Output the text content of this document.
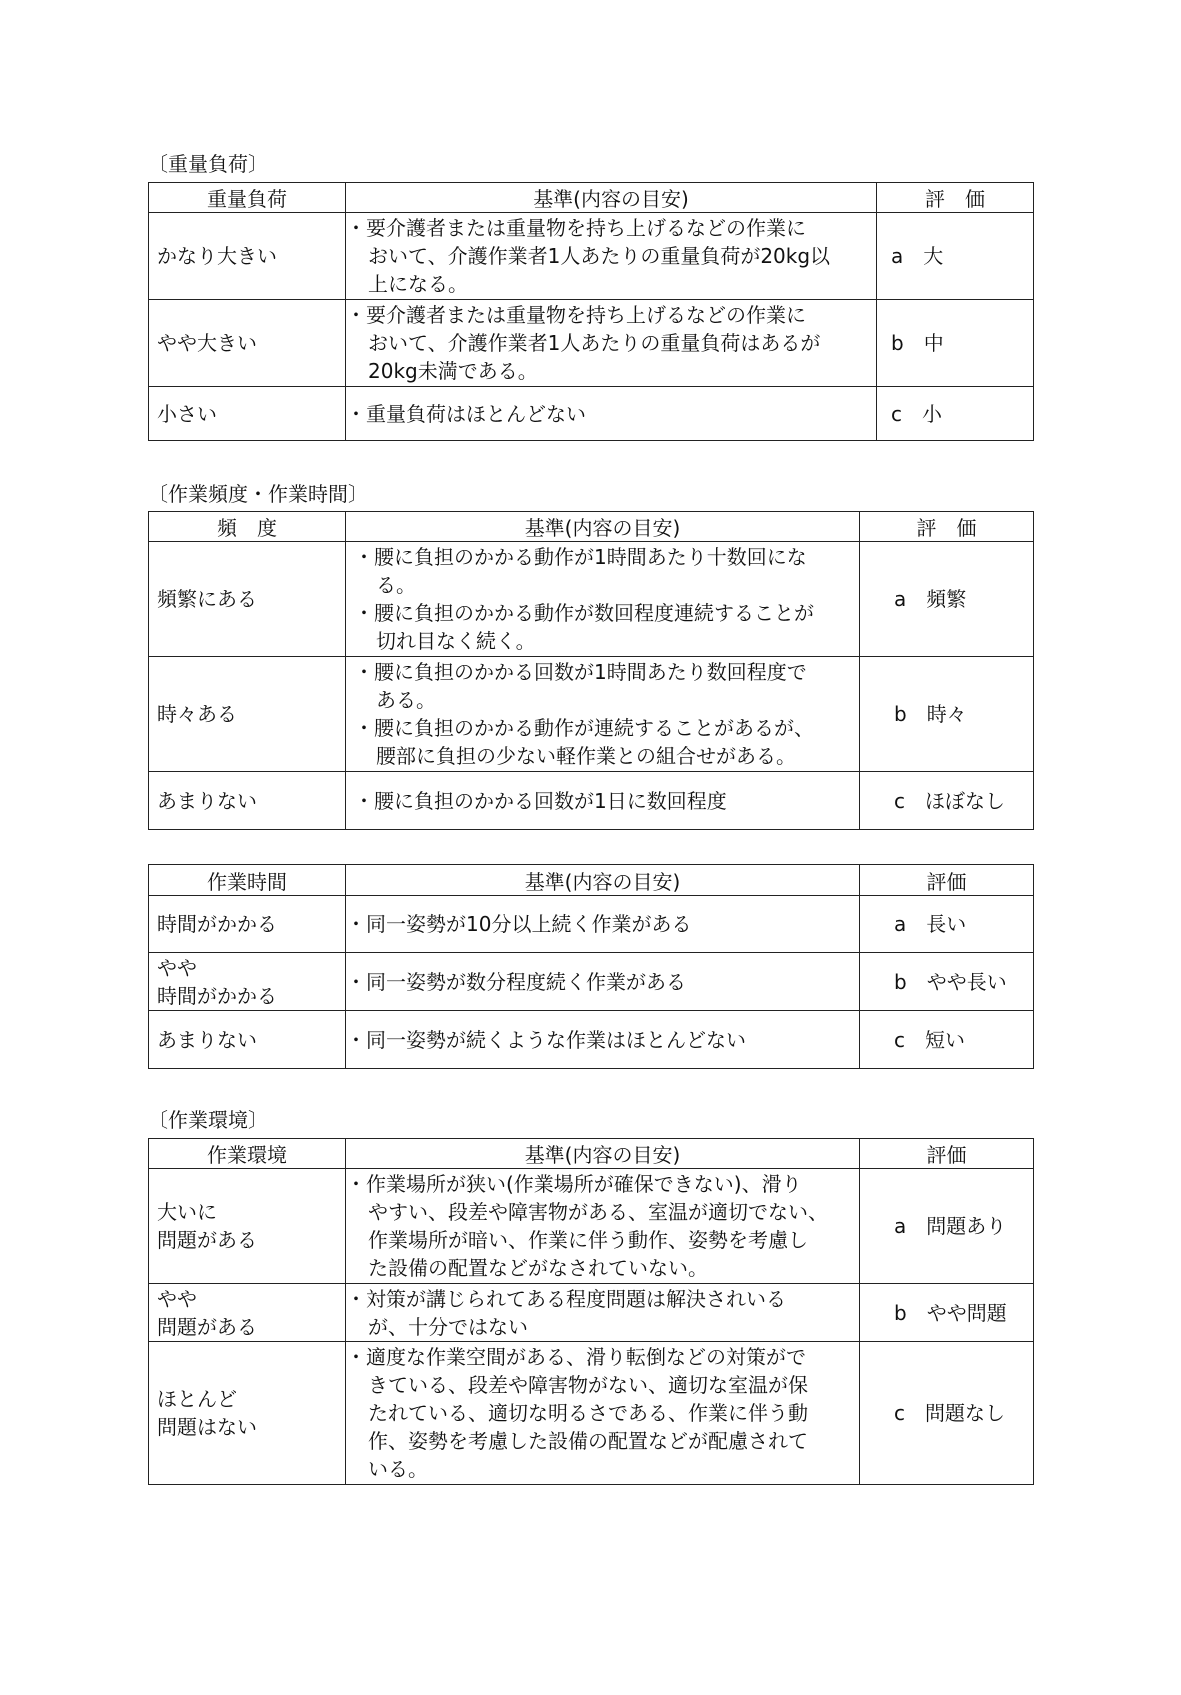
〔重量負荷〕
重量負荷	基準(内容の目安)	評　価
かなり大きい	・要介護者または重量物を持ち上げるなどの作業に
おいて、介護作業者1人あたりの重量負荷が20kg以
上になる。	a　大
やや大きい	・要介護者または重量物を持ち上げるなどの作業に
おいて、介護作業者1人あたりの重量負荷はあるが
20kg未満である。	b　中
小さい	・重量負荷はほとんどない	c　小
〔作業頻度・作業時間〕
頻　度	基準(内容の目安)	評　価
頻繁にある	・腰に負担のかかる動作が1時間あたり十数回にな
る。
・腰に負担のかかる動作が数回程度連続することが
切れ目なく続く。	a　頻繁
時々ある	・腰に負担のかかる回数が1時間あたり数回程度で
ある。
・腰に負担のかかる動作が連続することがあるが、
腰部に負担の少ない軽作業との組合せがある。	b　時々
あまりない	・腰に負担のかかる回数が1日に数回程度	c　ほぼなし
作業時間	基準(内容の目安)	評価
時間がかかる	・同一姿勢が10分以上続く作業がある	a　長い
やや
時間がかかる	・同一姿勢が数分程度続く作業がある	b　やや長い
あまりない	・同一姿勢が続くような作業はほとんどない	c　短い
〔作業環境〕
作業環境	基準(内容の目安)	評価
大いに
問題がある	・作業場所が狭い(作業場所が確保できない)、滑り
やすい、段差や障害物がある、室温が適切でない、
作業場所が暗い、作業に伴う動作、姿勢を考慮し
た設備の配置などがなされていない。	a　問題あり
やや
問題がある	・対策が講じられてある程度問題は解決されいる
が、十分ではない	b　やや問題
ほとんど
問題はない	・適度な作業空間がある、滑り転倒などの対策がで
きている、段差や障害物がない、適切な室温が保
たれている、適切な明るさである、作業に伴う動
作、姿勢を考慮した設備の配置などが配慮されて
いる。	c　問題なし
